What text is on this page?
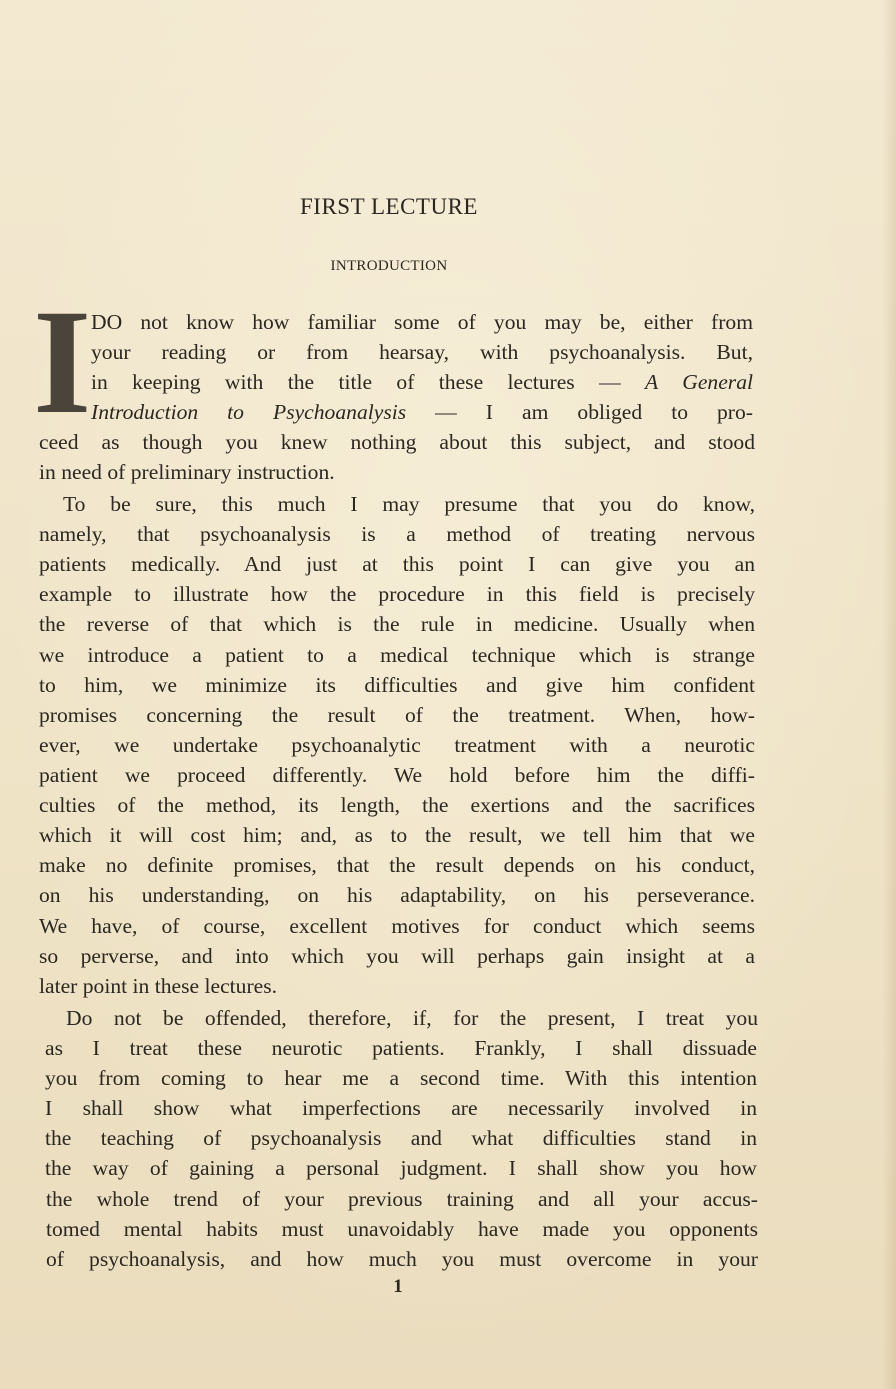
FIRST LECTURE
INTRODUCTION
I DO not know how familiar some of you may be, either from
your reading or from hearsay, with psychoanalysis. But,
in keeping with the title of these lectures — A General
Introduction to Psychoanalysis — I am obliged to pro-
ceed as though you knew nothing about this subject, and stood
in need of preliminary instruction.
To be sure, this much I may presume that you do know,
namely, that psychoanalysis is a method of treating nervous
patients medically. And just at this point I can give you an
example to illustrate how the procedure in this field is precisely
the reverse of that which is the rule in medicine. Usually when
we introduce a patient to a medical technique which is strange
to him, we minimize its difficulties and give him confident
promises concerning the result of the treatment. When, how-
ever, we undertake psychoanalytic treatment with a neurotic
patient we proceed differently. We hold before him the diffi-
culties of the method, its length, the exertions and the sacrifices
which it will cost him; and, as to the result, we tell him that we
make no definite promises, that the result depends on his conduct,
on his understanding, on his adaptability, on his perseverance.
We have, of course, excellent motives for conduct which seems
so perverse, and into which you will perhaps gain insight at a
later point in these lectures.
Do not be offended, therefore, if, for the present, I treat you
as I treat these neurotic patients. Frankly, I shall dissuade
you from coming to hear me a second time. With this intention
I shall show what imperfections are necessarily involved in
the teaching of psychoanalysis and what difficulties stand in
the way of gaining a personal judgment. I shall show you how
the whole trend of your previous training and all your accus-
tomed mental habits must unavoidably have made you opponents
of psychoanalysis, and how much you must overcome in your
1
